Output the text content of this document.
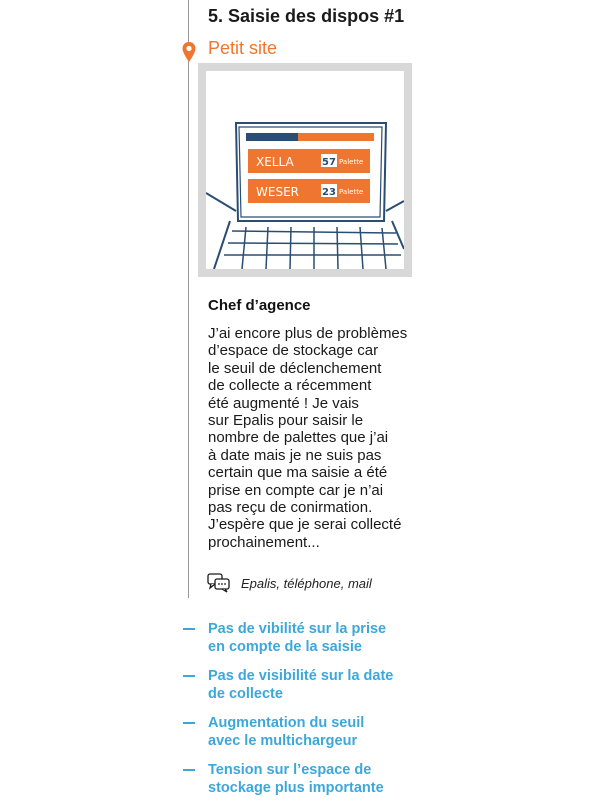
5. Saisie des dispos #1
Petit site
XELLA	57 Palette
WESER 23 Palette
Chef d’agence

J’ai encore plus de problèmes
d’espace de stockage car
le seuil de déclenchement
de collecte a récemment
été augmenté ! Je vais
sur Epalis pour saisir le
nombre de palettes que j’ai
à date mais je ne suis pas
certain que ma saisie a été
prise en compte car je n’ai
pas reçu de conirmation.
J’espère que je serai collecté
prochainement...

Epalis, téléphone, mail
Pas de vibilité sur la prise
en compte de la saisie
Pas de visibilité sur la date
de collecte
Augmentation du seuil
avec le multichargeur
Tension sur l’espace de
stockage plus importante
